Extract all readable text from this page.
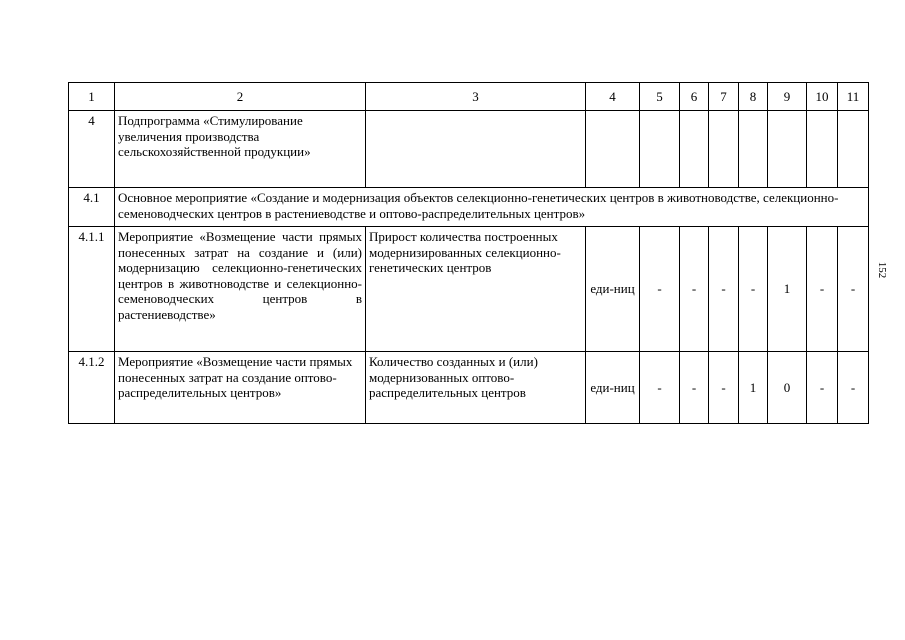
1	2	3	4	5	6	7	8	9	10	11
4	Подпрограмма «Стимулирование увеличения производства сельскохозяйственной продукции»									
4.1	Основное мероприятие «Создание и модернизация объектов селекционно-генетических центров в животноводстве, селекционно-семеноводческих центров в растениеводстве и оптово-распределительных центров»									
4.1.1	Мероприятие «Возмещение части прямых понесенных затрат на создание и (или) модернизацию селекционно-генетических центров в животноводстве и селекционно-семеноводческих центров в растениеводстве»	Прирост количества построенных модернизированных селекционно-генетических центров	еди-ниц	-	-	-	-	1	-	-
4.1.2	Мероприятие «Возмещение части прямых понесенных затрат на создание оптово-распределительных центров»	Количество созданных и (или) модернизованных оптово-распределительных центров	еди-ниц	-	-	-	1	0	-	-
152
